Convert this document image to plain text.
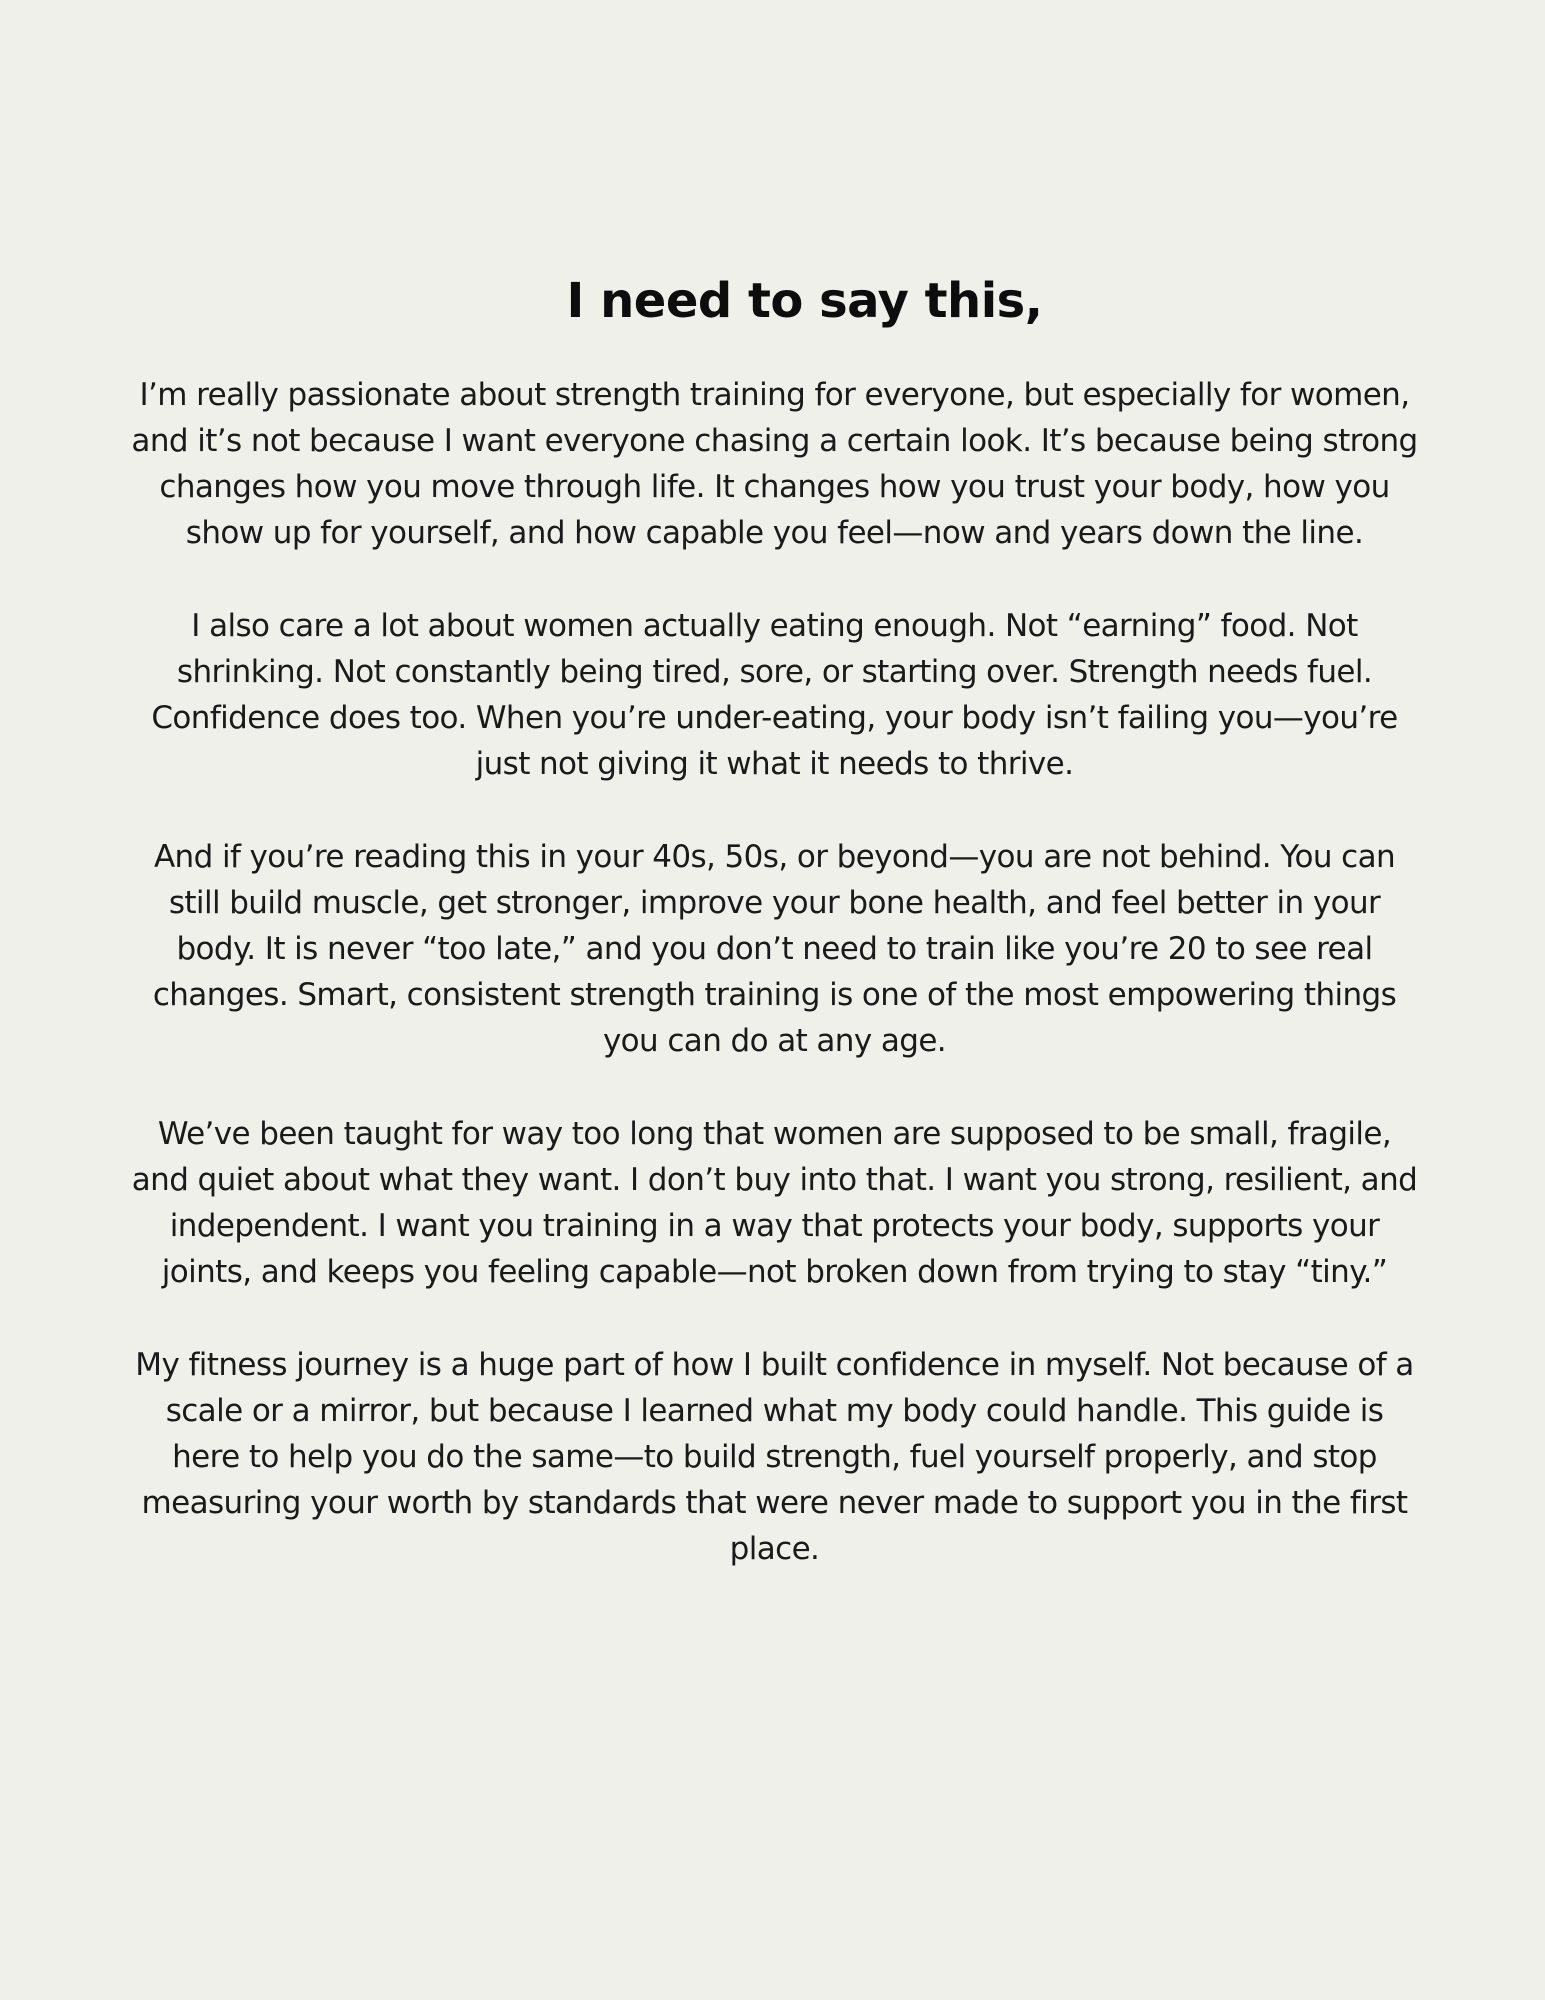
I need to say this,

I’m really passionate about strength training for everyone, but especially for women, and it’s not because I want everyone chasing a certain look. It’s because being strong changes how you move through life. It changes how you trust your body, how you show up for yourself, and how capable you feel—now and years down the line.

I also care a lot about women actually eating enough. Not “earning” food. Not shrinking. Not constantly being tired, sore, or starting over. Strength needs fuel. Confidence does too. When you’re under-eating, your body isn’t failing you—you’re just not giving it what it needs to thrive.

And if you’re reading this in your 40s, 50s, or beyond—you are not behind. You can still build muscle, get stronger, improve your bone health, and feel better in your body. It is never “too late,” and you don’t need to train like you’re 20 to see real changes. Smart, consistent strength training is one of the most empowering things you can do at any age.

We’ve been taught for way too long that women are supposed to be small, fragile, and quiet about what they want. I don’t buy into that. I want you strong, resilient, and independent. I want you training in a way that protects your body, supports your joints, and keeps you feeling capable—not broken down from trying to stay “tiny.”

My fitness journey is a huge part of how I built confidence in myself. Not because of a scale or a mirror, but because I learned what my body could handle. This guide is here to help you do the same—to build strength, fuel yourself properly, and stop measuring your worth by standards that were never made to support you in the first place.
